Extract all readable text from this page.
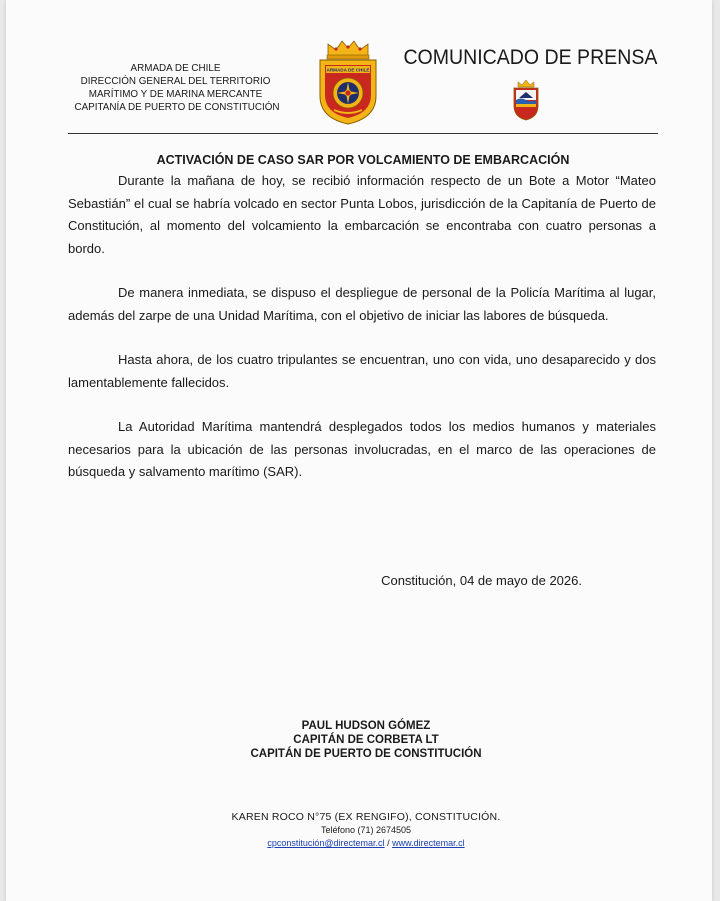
ARMADA DE CHILE
DIRECCIÓN GENERAL DEL TERRITORIO
MARÍTIMO Y DE MARINA MERCANTE
CAPITANÍA DE PUERTO DE CONSTITUCIÓN
ARMADA DE CHILE
COMUNICADO DE PRENSA
ACTIVACIÓN DE CASO SAR POR VOLCAMIENTO DE EMBARCACIÓN

Durante la mañana de hoy, se recibió información respecto de un Bote a Motor “Mateo Sebastián” el cual se habría volcado en sector Punta Lobos, jurisdicción de la Capitanía de Puerto de Constitución, al momento del volcamiento la embarcación se encontraba con cuatro personas a bordo.

De manera inmediata, se dispuso el despliegue de personal de la Policía Marítima al lugar, además del zarpe de una Unidad Marítima, con el objetivo de iniciar las labores de búsqueda.

Hasta ahora, de los cuatro tripulantes se encuentran, uno con vida, uno desaparecido y dos lamentablemente fallecidos.

La Autoridad Marítima mantendrá desplegados todos los medios humanos y materiales necesarios para la ubicación de las personas involucradas, en el marco de las operaciones de búsqueda y salvamento marítimo (SAR).

Constitución, 04 de mayo de 2026.
PAUL HUDSON GÓMEZ
CAPITÁN DE CORBETA LT
CAPITÁN DE PUERTO DE CONSTITUCIÓN
KAREN ROCO N°75 (EX RENGIFO), CONSTITUCIÓN.
Teléfono (71) 2674505
cpconstitución@directemar.cl / www.directemar.cl
